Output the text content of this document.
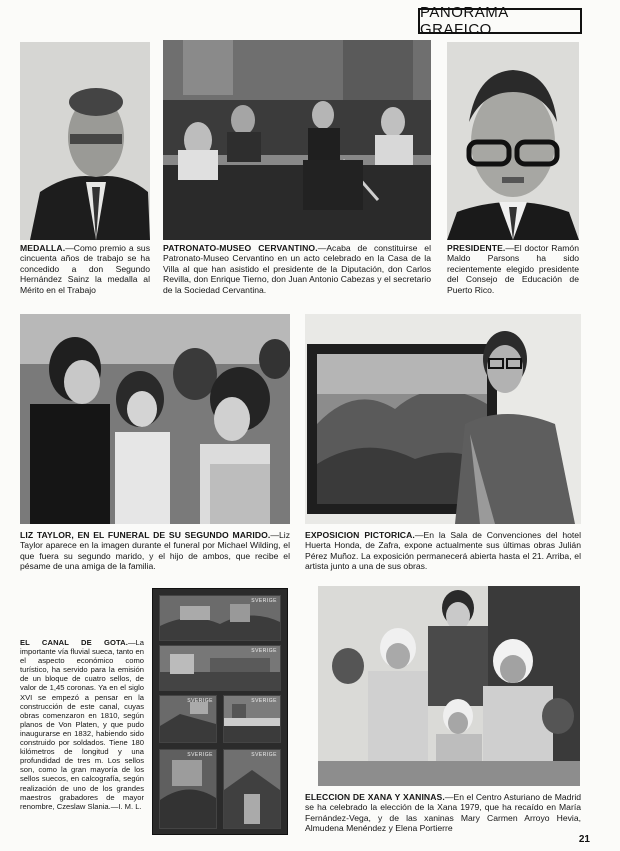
PANORAMA GRAFICO
MEDALLA.—Como premio a sus cincuenta años de trabajo se ha concedido a don Segundo Hernández Sainz la medalla al Mérito en el Trabajo
PATRONATO-MUSEO CERVANTINO.—Acaba de constituirse el Patronato-Museo Cervantino en un acto celebrado en la Casa de la Villa al que han asistido el presidente de la Diputación, don Carlos Revilla, don Enrique Tierno, don Juan Antonio Cabezas y el secretario de la Sociedad Cervantina.
PRESIDENTE.—El doctor Ramón Maldo Parsons ha sido recientemente elegido presidente del Consejo de Educación de Puerto Rico.
LIZ TAYLOR, EN EL FUNERAL DE SU SEGUNDO MARIDO.—Liz Taylor aparece en la imagen durante el funeral por Michael Wilding, el que fuera su segundo marido, y el hijo de ambos, que recibe el pésame de una amiga de la familia.
EXPOSICION PICTORICA.—En la Sala de Convenciones del hotel Huerta Honda, de Zafra, expone actualmente sus últimas obras Julián Pérez Muñoz. La exposición permanecerá abierta hasta el 21. Arriba, el artista junto a una de sus obras.
EL CANAL DE GOTA.—La importante vía fluvial sueca, tanto en el aspecto económico como turístico, ha servido para la emisión de un bloque de cuatro sellos, de valor de 1,45 coronas. Ya en el siglo XVI se empezó a pensar en la construcción de este canal, cuyas obras comenzaron en 1810, según planos de Von Platen, y que pudo inaugurarse en 1832, habiendo sido construido por soldados. Tiene 180 kilómetros de longitud y una profundidad de tres m. Los sellos son, como la gran mayoría de los sellos suecos, en calcografía, según realización de uno de los grandes maestros grabadores de mayor renombre, Czeslaw Slania.—I. M. L.
SVERIGE
SVERIGE
SVERIGE	SVERIGE
SVERIGE	SVERIGE
ELECCION DE XANA Y XANINAS.—En el Centro Asturiano de Madrid se ha celebrado la elección de la Xana 1979, que ha recaído en María Fernández-Vega, y de las xaninas Mary Carmen Arroyo Hevia, Almudena Menéndez y Elena Portierre
21
